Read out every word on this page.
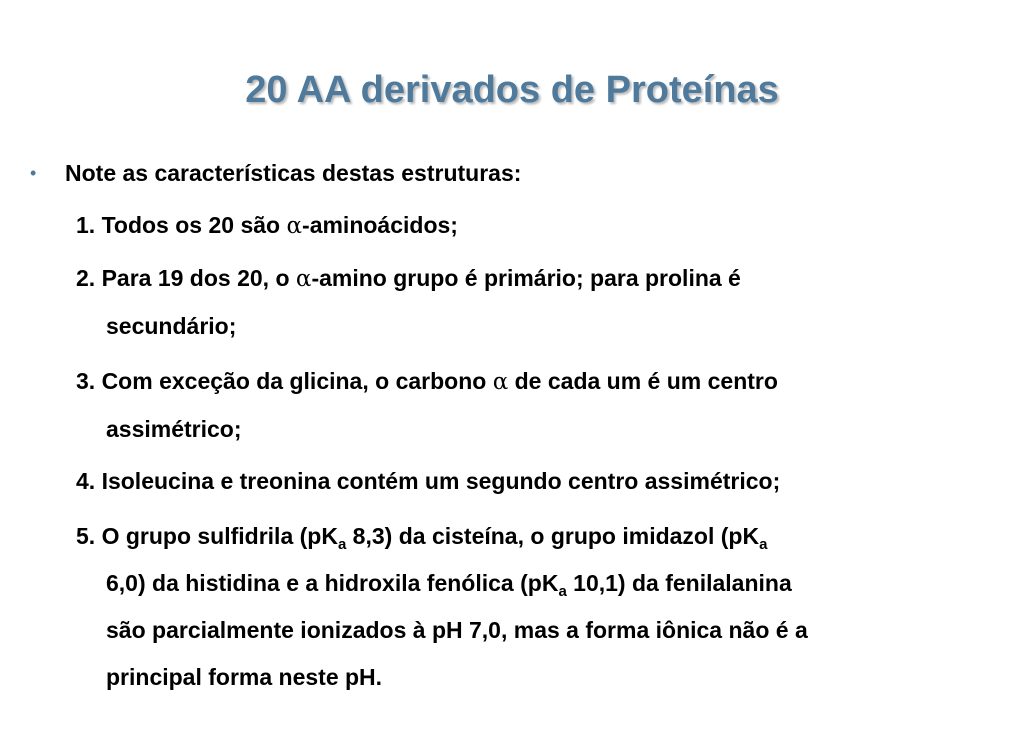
20 AA derivados de Proteínas
• Note as características destas estruturas:
1. Todos os 20 são α-aminoácidos;
2. Para 19 dos 20, o α-amino grupo é primário; para prolina é
secundário;
3. Com exceção da glicina, o carbono α de cada um é um centro
assimétrico;
4. Isoleucina e treonina contém um segundo centro assimétrico;
5. O grupo sulfidrila ($pK_a$ 8,3) da cisteína, o grupo imidazol ($pK_a$
6,0) da histidina e a hidroxila fenólica ($pK_a$ 10,1) da fenilalanina
são parcialmente ionizados à pH 7,0, mas a forma iônica não é a
principal forma neste pH.
